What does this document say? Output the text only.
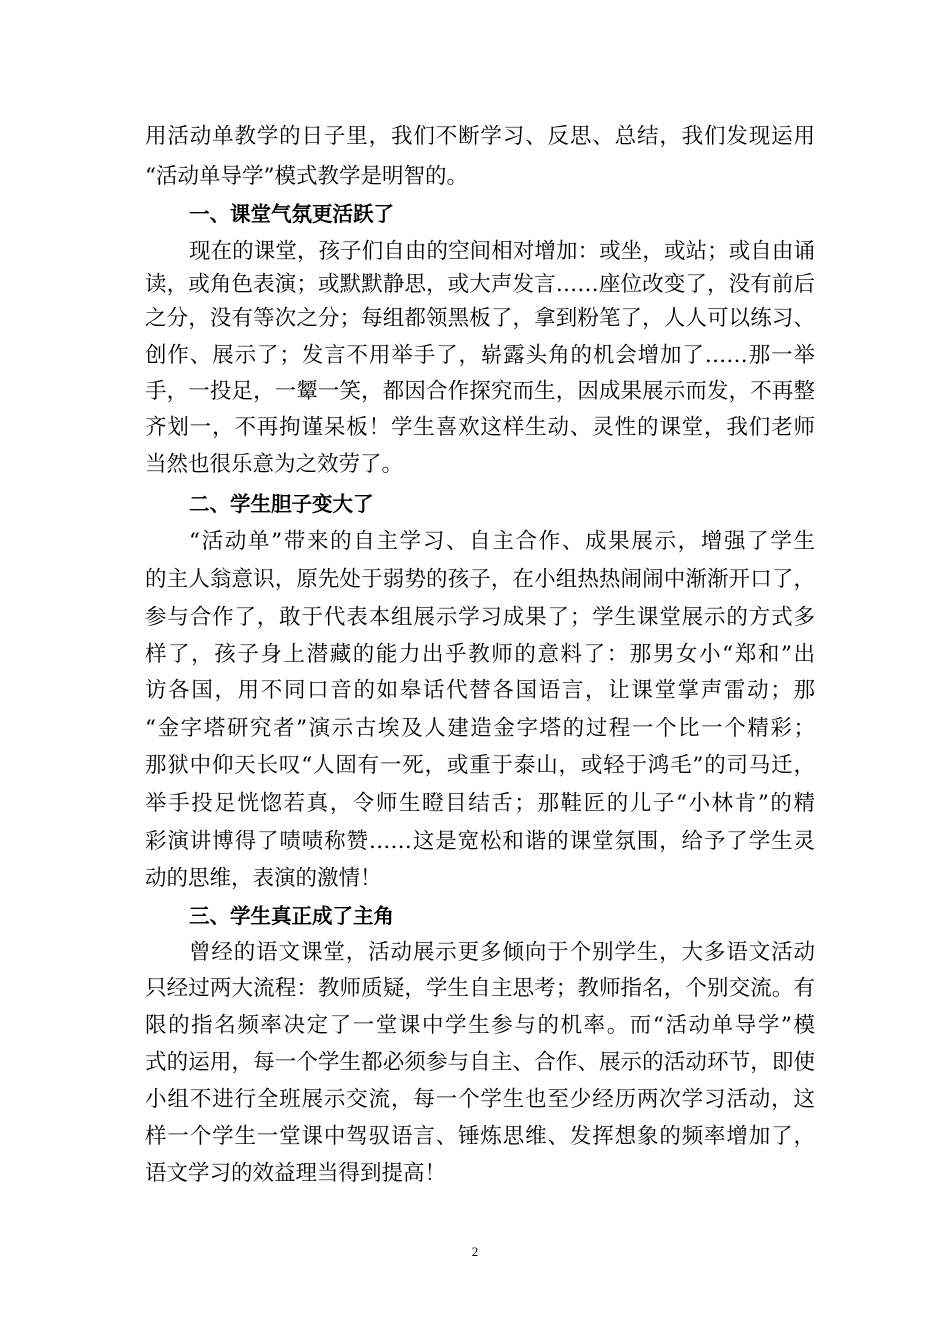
用活动单教学的日子里，我们不断学习、反思、总结，我们发现运用
“活动单导学”模式教学是明智的。
一、课堂气氛更活跃了
现在的课堂，孩子们自由的空间相对增加：或坐，或站；或自由诵
读，或角色表演；或默默静思，或大声发言……座位改变了，没有前后
之分，没有等次之分；每组都领黑板了，拿到粉笔了，人人可以练习、
创作、展示了；发言不用举手了，崭露头角的机会增加了……那一举
手，一投足，一颦一笑，都因合作探究而生，因成果展示而发，不再整
齐划一，不再拘谨呆板！学生喜欢这样生动、灵性的课堂，我们老师
当然也很乐意为之效劳了。
二、学生胆子变大了
“活动单”带来的自主学习、自主合作、成果展示，增强了学生
的主人翁意识，原先处于弱势的孩子，在小组热热闹闹中渐渐开口了，
参与合作了，敢于代表本组展示学习成果了；学生课堂展示的方式多
样了，孩子身上潜藏的能力出乎教师的意料了：那男女小“郑和”出
访各国，用不同口音的如皋话代替各国语言，让课堂掌声雷动；那
“金字塔研究者”演示古埃及人建造金字塔的过程一个比一个精彩；
那狱中仰天长叹“人固有一死，或重于泰山，或轻于鸿毛”的司马迁，
举手投足恍惚若真，令师生瞪目结舌；那鞋匠的儿子“小林肯”的精
彩演讲博得了啧啧称赞……这是宽松和谐的课堂氛围，给予了学生灵
动的思维，表演的激情！
三、学生真正成了主角
曾经的语文课堂，活动展示更多倾向于个别学生，大多语文活动
只经过两大流程：教师质疑，学生自主思考；教师指名，个别交流。有
限的指名频率决定了一堂课中学生参与的机率。而“活动单导学”模
式的运用，每一个学生都必须参与自主、合作、展示的活动环节，即使
小组不进行全班展示交流，每一个学生也至少经历两次学习活动，这
样一个学生一堂课中驾驭语言、锤炼思维、发挥想象的频率增加了，
语文学习的效益理当得到提高！
2
